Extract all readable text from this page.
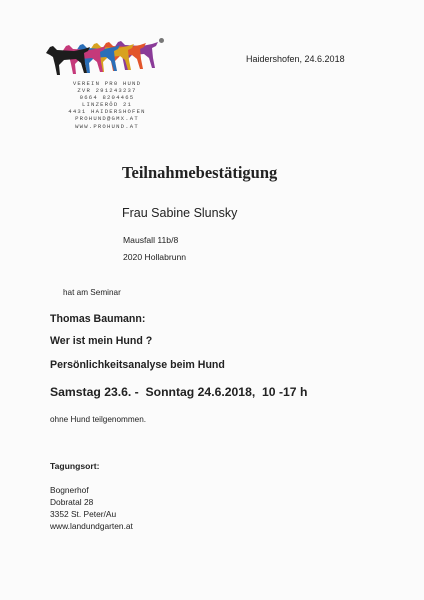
VEREIN PR0 HUND
ZVR 291243237
0664 8204465
LINZERÖD 21
4431 HAIDERSHOFEN
PROHUND@GMX.AT
WWW.PROHUND.AT
Haidershofen, 24.6.2018
Teilnahmebestätigung
Frau Sabine Slunsky
Mausfall 11b/8
2020 Hollabrunn
hat am Seminar
Thomas Baumann:
Wer ist mein Hund ?
Persönlichkeitsanalyse beim Hund
Samstag 23.6. -  Sonntag 24.6.2018,  10 -17 h
ohne Hund teilgenommen.
Tagungsort:
Bognerhof
Dobratal 28
3352 St. Peter/Au
www.landundgarten.at
